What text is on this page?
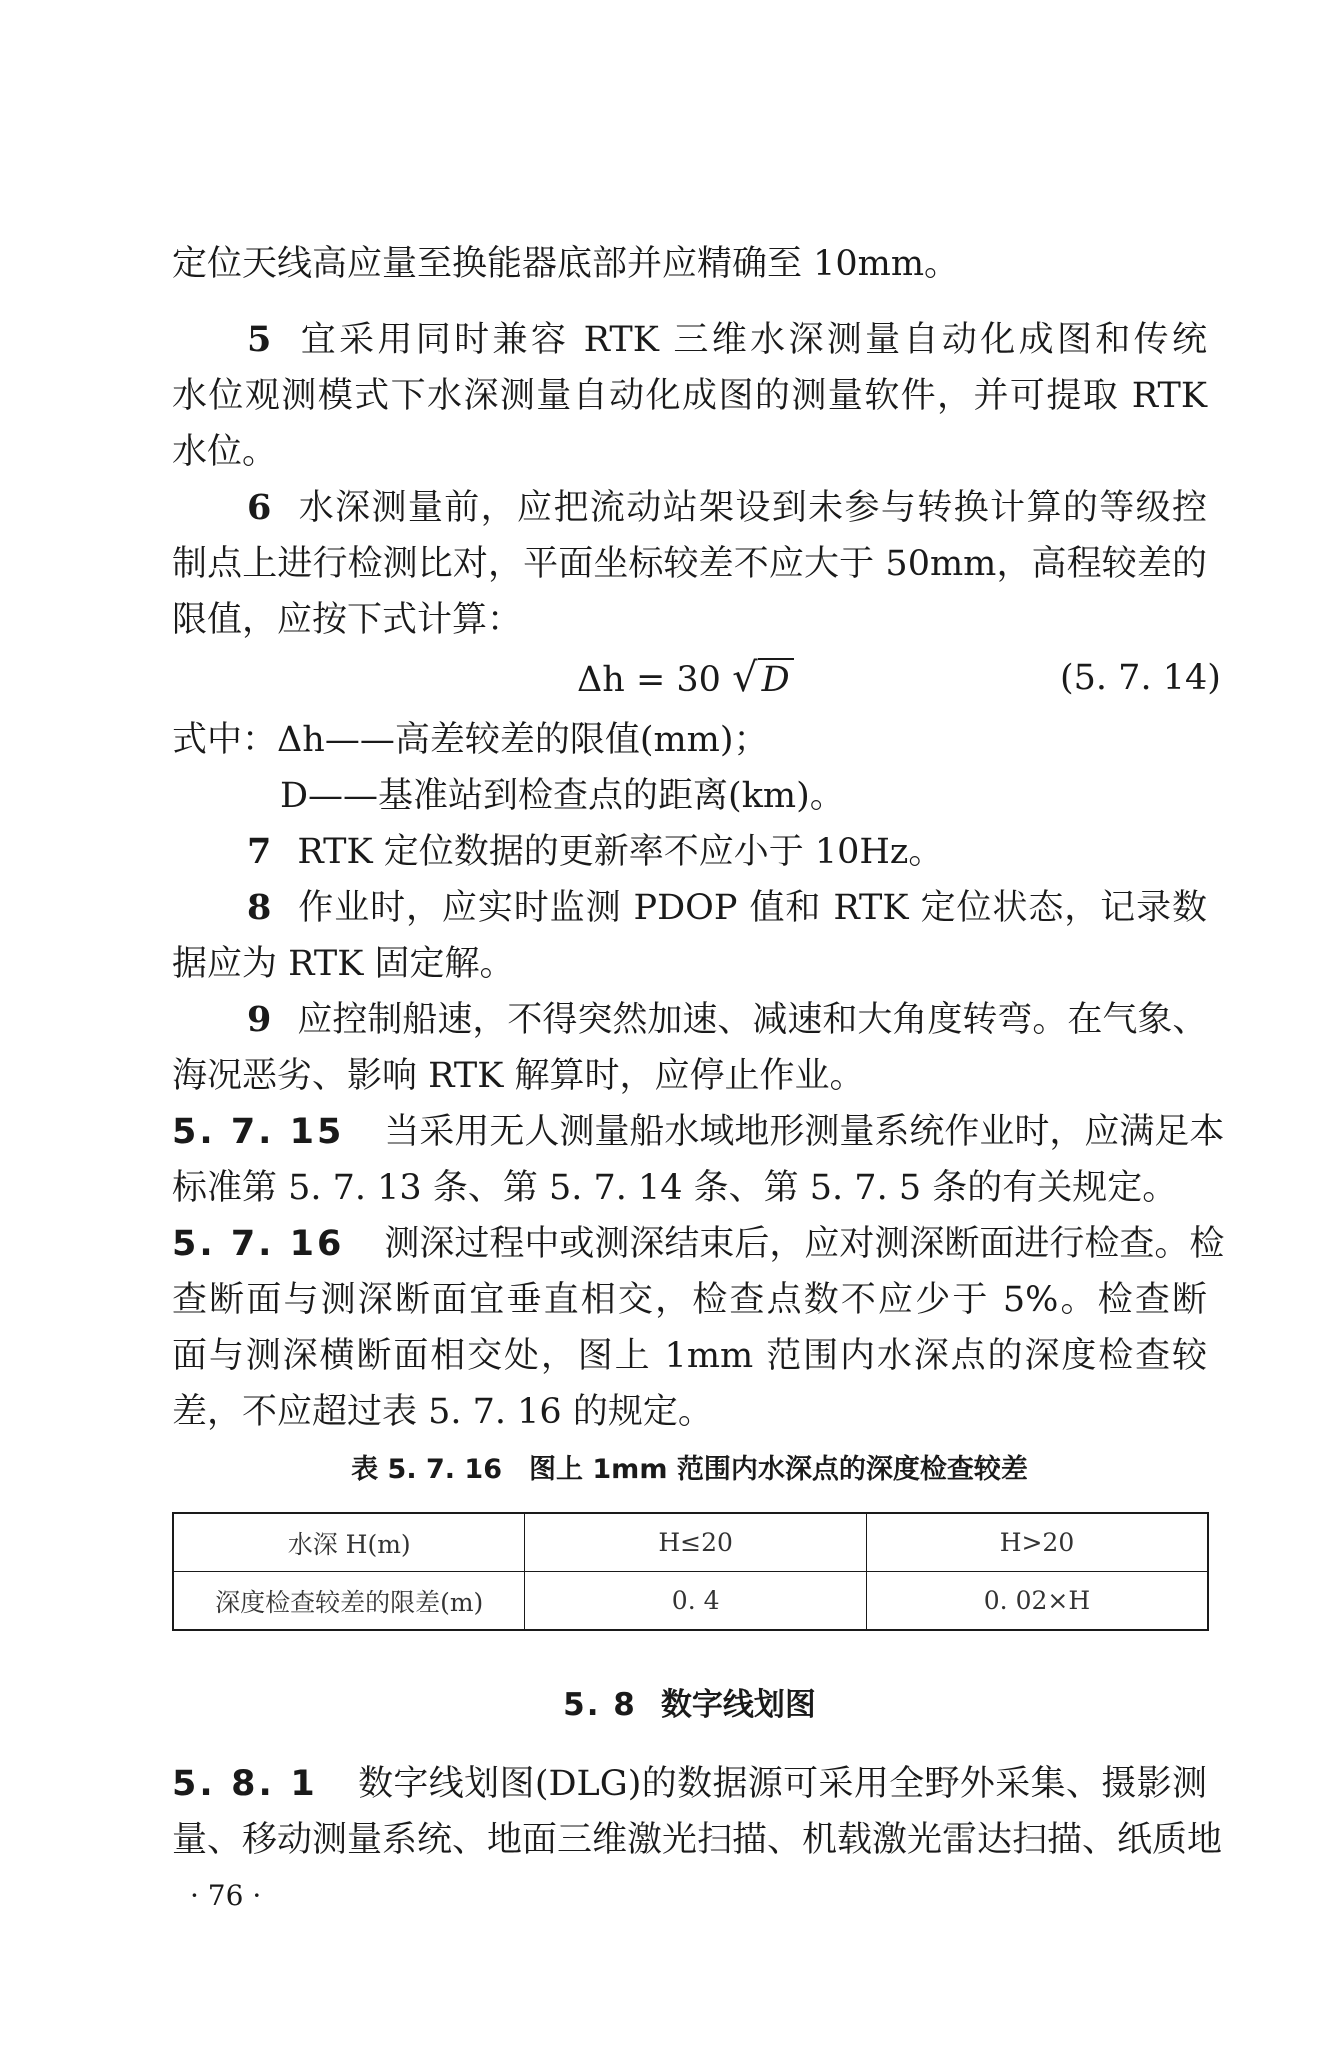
定位天线高应量至换能器底部并应精确至 10mm。
5 宜采用同时兼容 RTK 三维水深测量自动化成图和传统
水位观测模式下水深测量自动化成图的测量软件，并可提取 RTK
水位。
6 水深测量前，应把流动站架设到未参与转换计算的等级控
制点上进行检测比对，平面坐标较差不应大于 50mm，高程较差的
限值，应按下式计算：
Δh = 30 √ D	(5. 7. 14)
式中：Δh——高差较差的限值(mm)；
D——基准站到检查点的距离(km)。
7 RTK 定位数据的更新率不应小于 10Hz。
8 作业时，应实时监测 PDOP 值和 RTK 定位状态，记录数
据应为 RTK 固定解。
9 应控制船速，不得突然加速、减速和大角度转弯。在气象、
海况恶劣、影响 RTK 解算时，应停止作业。
5. 7. 15 当采用无人测量船水域地形测量系统作业时，应满足本
标准第 5. 7. 13 条、第 5. 7. 14 条、第 5. 7. 5 条的有关规定。
5. 7. 16 测深过程中或测深结束后，应对测深断面进行检查。检
查断面与测深断面宜垂直相交，检查点数不应少于 5%。检查断
面与测深横断面相交处，图上 1mm 范围内水深点的深度检查较
差，不应超过表 5. 7. 16 的规定。
表 5. 7. 16　图上 1mm 范围内水深点的深度检查较差
水深 H(m)	H≤20	H>20
深度检查较差的限差(m)	0. 4	0. 02×H
5. 8 数字线划图
5. 8. 1 数字线划图(DLG)的数据源可采用全野外采集、摄影测
量、移动测量系统、地面三维激光扫描、机载激光雷达扫描、纸质地
· 76 ·
